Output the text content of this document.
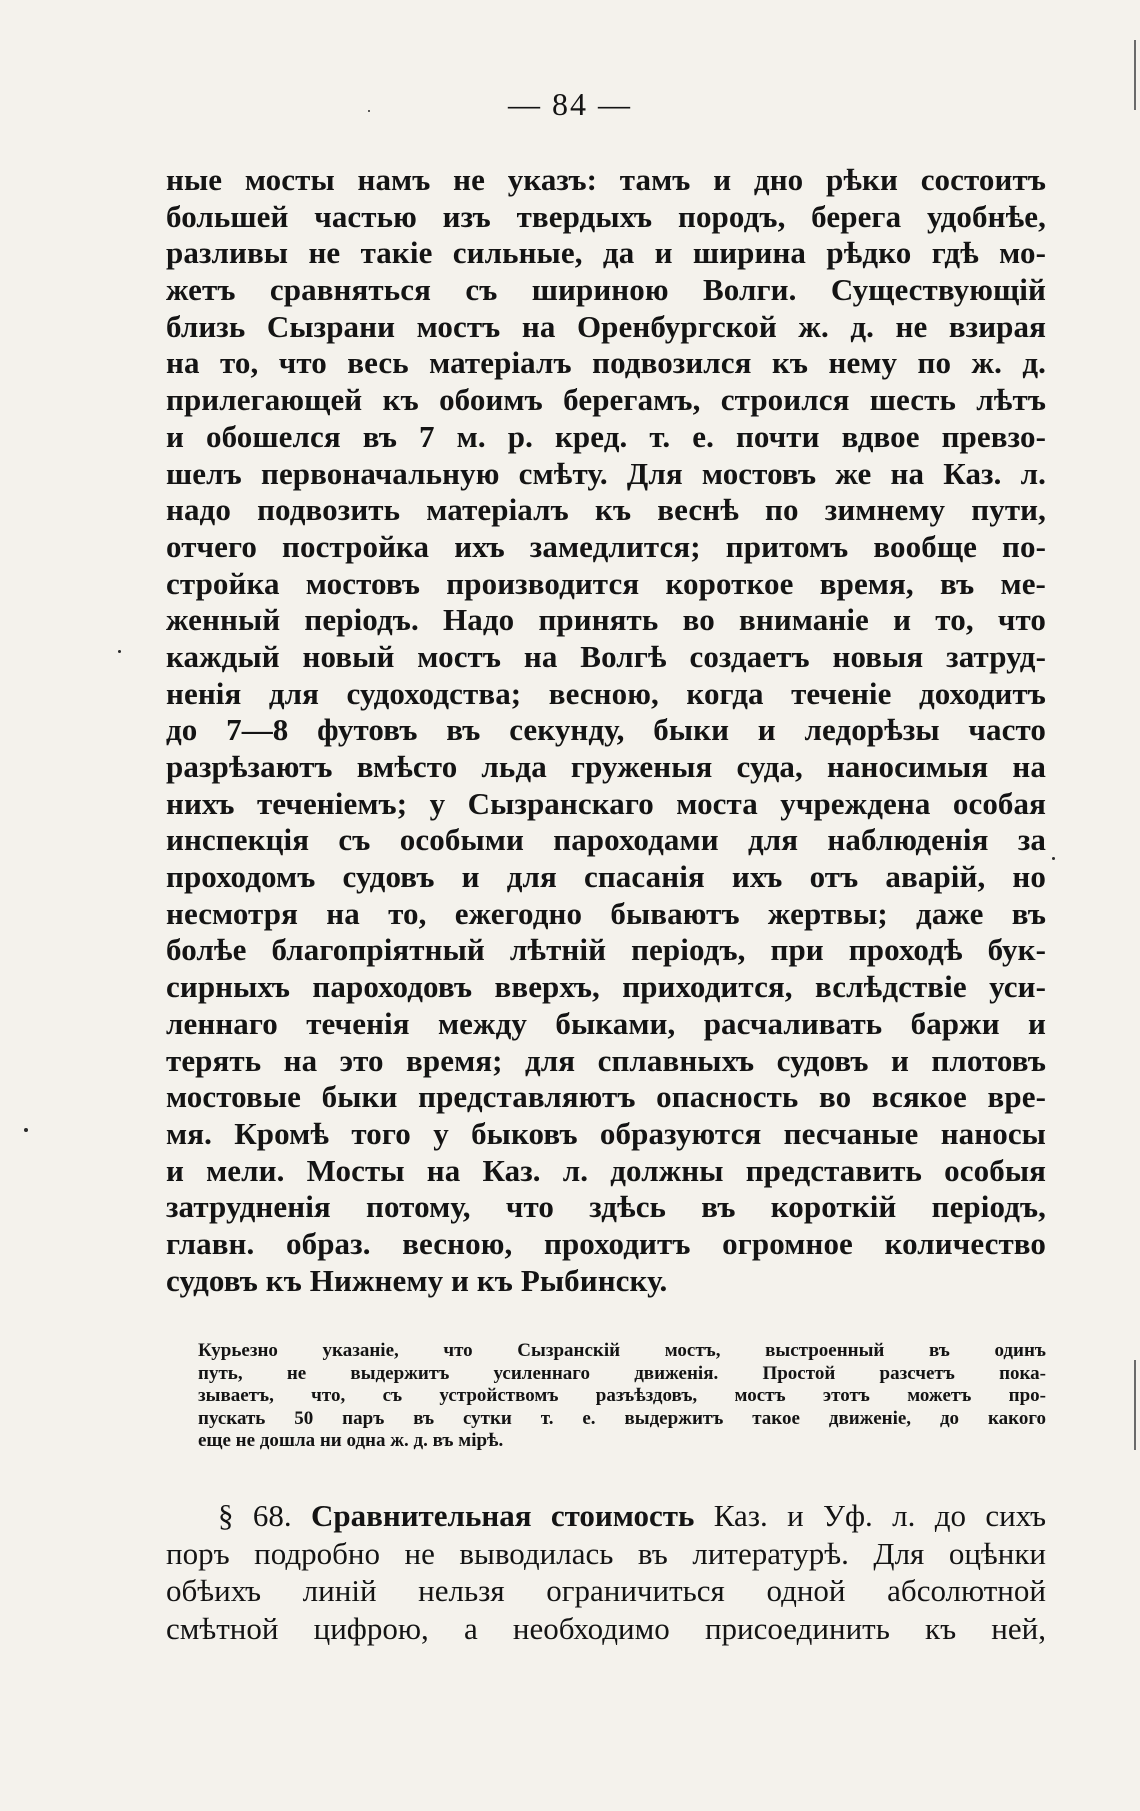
— 84 —
ные мосты намъ не указъ: тамъ и дно рѣки состоитъ
большей частью изъ твердыхъ породъ, берега удобнѣе,
разливы не такіе сильные, да и ширина рѣдко гдѣ мо-
жетъ сравняться съ шириною Волги. Существующій
близь Сызрани мостъ на Оренбургской ж. д. не взирая
на то, что весь матеріалъ подвозился къ нему по ж. д.
прилегающей къ обоимъ берегамъ, строился шесть лѣтъ
и обошелся въ 7 м. р. кред. т. е. почти вдвое превзо-
шелъ первоначальную смѣту. Для мостовъ же на Каз. л.
надо подвозить матеріалъ къ веснѣ по зимнему пути,
отчего постройка ихъ замедлится; притомъ вообще по-
стройка мостовъ производится короткое время, въ ме-
женный періодъ. Надо принять во вниманіе и то, что
каждый новый мостъ на Волгѣ создаетъ новыя затруд-
ненія для судоходства; весною, когда теченіе доходитъ
до 7—8 футовъ въ секунду, быки и ледорѣзы часто
разрѣзаютъ вмѣсто льда груженыя суда, наносимыя на
нихъ теченіемъ; у Сызранскаго моста учреждена особая
инспекція съ особыми пароходами для наблюденія за
проходомъ судовъ и для спасанія ихъ отъ аварій, но
несмотря на то, ежегодно бываютъ жертвы; даже въ
болѣе благопріятный лѣтній періодъ, при проходѣ бук-
сирныхъ пароходовъ вверхъ, приходится, вслѣдствіе уси-
леннаго теченія между быками, расчаливать баржи и
терять на это время; для сплавныхъ судовъ и плотовъ
мостовые быки представляютъ опасность во всякое вре-
мя. Кромѣ того у быковъ образуются песчаные наносы
и мели. Мосты на Каз. л. должны представить особыя
затрудненія потому, что здѣсь въ короткій періодъ,
главн. образ. весною, проходитъ огромное количество
судовъ къ Нижнему и къ Рыбинску.
Курьезно указаніе, что Сызранскій мостъ, выстроенный въ одинъ
путь, не выдержитъ усиленнаго движенія. Простой разсчетъ пока-
зываетъ, что, съ устройствомъ разъѣздовъ, мостъ этотъ можетъ про-
пускать 50 паръ въ сутки т. е. выдержитъ такое движеніе, до какого
еще не дошла ни одна ж. д. въ мірѣ.
§ 68. Сравнительная стоимость Каз. и Уф. л. до сихъ
поръ подробно не выводилась въ литературѣ. Для оцѣнки
обѣихъ линій нельзя ограничиться одной абсолютной
смѣтной цифрою, а необходимо присоединить къ ней,
